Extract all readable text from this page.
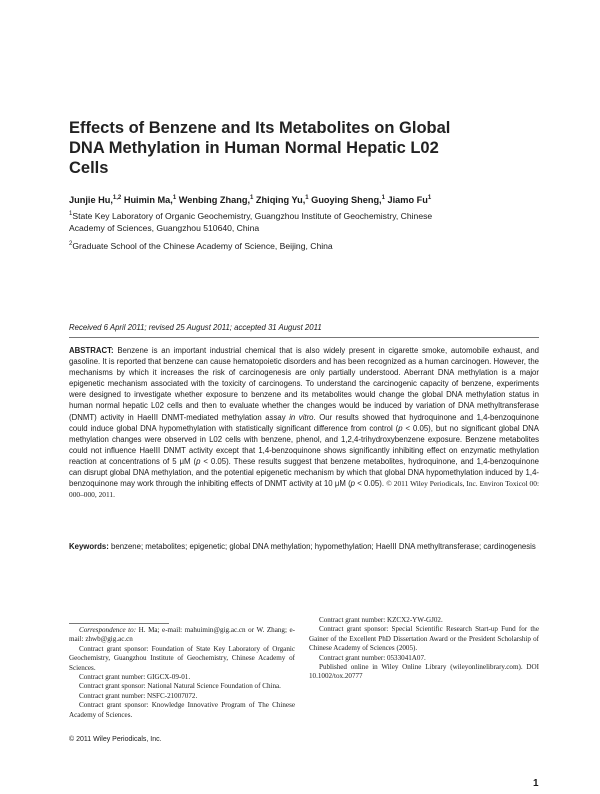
Effects of Benzene and Its Metabolites on Global DNA Methylation in Human Normal Hepatic L02 Cells
Junjie Hu,$^{1,2}$ Huimin Ma,$^1$ Wenbing Zhang,$^1$ Zhiqing Yu,$^1$ Guoying Sheng,$^1$ Jiamo Fu$^1$

$^1$State Key Laboratory of Organic Geochemistry, Guangzhou Institute of Geochemistry, Chinese Academy of Sciences, Guangzhou 510640, China

$^2$Graduate School of the Chinese Academy of Science, Beijing, China

Received 6 April 2011; revised 25 August 2011; accepted 31 August 2011
ABSTRACT: Benzene is an important industrial chemical that is also widely present in cigarette smoke, automobile exhaust, and gasoline. It is reported that benzene can cause hematopoietic disorders and has been recognized as a human carcinogen. However, the mechanisms by which it increases the risk of carcinogenesis are only partially understood. Aberrant DNA methylation is a major epigenetic mechanism associated with the toxicity of carcinogens. To understand the carcinogenic capacity of benzene, experiments were designed to investigate whether exposure to benzene and its metabolites would change the global DNA methylation status in human normal hepatic L02 cells and then to evaluate whether the changes would be induced by variation of DNA methyltransferase (DNMT) activity in HaeIII DNMT-mediated methylation assay in vitro. Our results showed that hydroquinone and 1,4-benzoquinone could induce global DNA hypomethylation with statistically significant difference from control (p < 0.05), but no significant global DNA methylation changes were observed in L02 cells with benzene, phenol, and 1,2,4-trihydroxybenzene exposure. Benzene metabolites could not influence HaeIII DNMT activity except that 1,4-benzoquinone shows significantly inhibiting effect on enzymatic methylation reaction at concentrations of 5 μM (p < 0.05). These results suggest that benzene metabolites, hydroquinone, and 1,4-benzoquinone can disrupt global DNA methylation, and the potential epigenetic mechanism by which that global DNA hypomethylation induced by 1,4-benzoquinone may work through the inhibiting effects of DNMT activity at 10 μM (p < 0.05). © 2011 Wiley Periodicals, Inc. Environ Toxicol 00: 000–000, 2011.
Keywords: benzene; metabolites; epigenetic; global DNA methylation; hypomethylation; HaeIII DNA methyltransferase; cardinogenesis

Correspondence to: H. Ma; e-mail: mahuimin@gig.ac.cn or W. Zhang; e-mail: zhwb@gig.ac.cn

Contract grant sponsor: Foundation of State Key Laboratory of Organic Geochemistry, Guangzhou Institute of Geochemistry, Chinese Academy of Sciences.

Contract grant number: GIGCX-09-01.

Contract grant sponsor: National Natural Science Foundation of China.

Contract grant number: NSFC-21007072.

Contract grant sponsor: Knowledge Innovative Program of The Chinese Academy of Sciences.

Contract grant number: KZCX2-YW-GJ02.

Contract grant sponsor: Special Scientific Research Start-up Fund for the Gainer of the Excellent PhD Dissertation Award or the President Scholarship of Chinese Academy of Sciences (2005).

Contract grant number: 0533041A07.

Published online in Wiley Online Library (wileyonlinelibrary.com). DOI 10.1002/tox.20777

© 2011 Wiley Periodicals, Inc.
1
